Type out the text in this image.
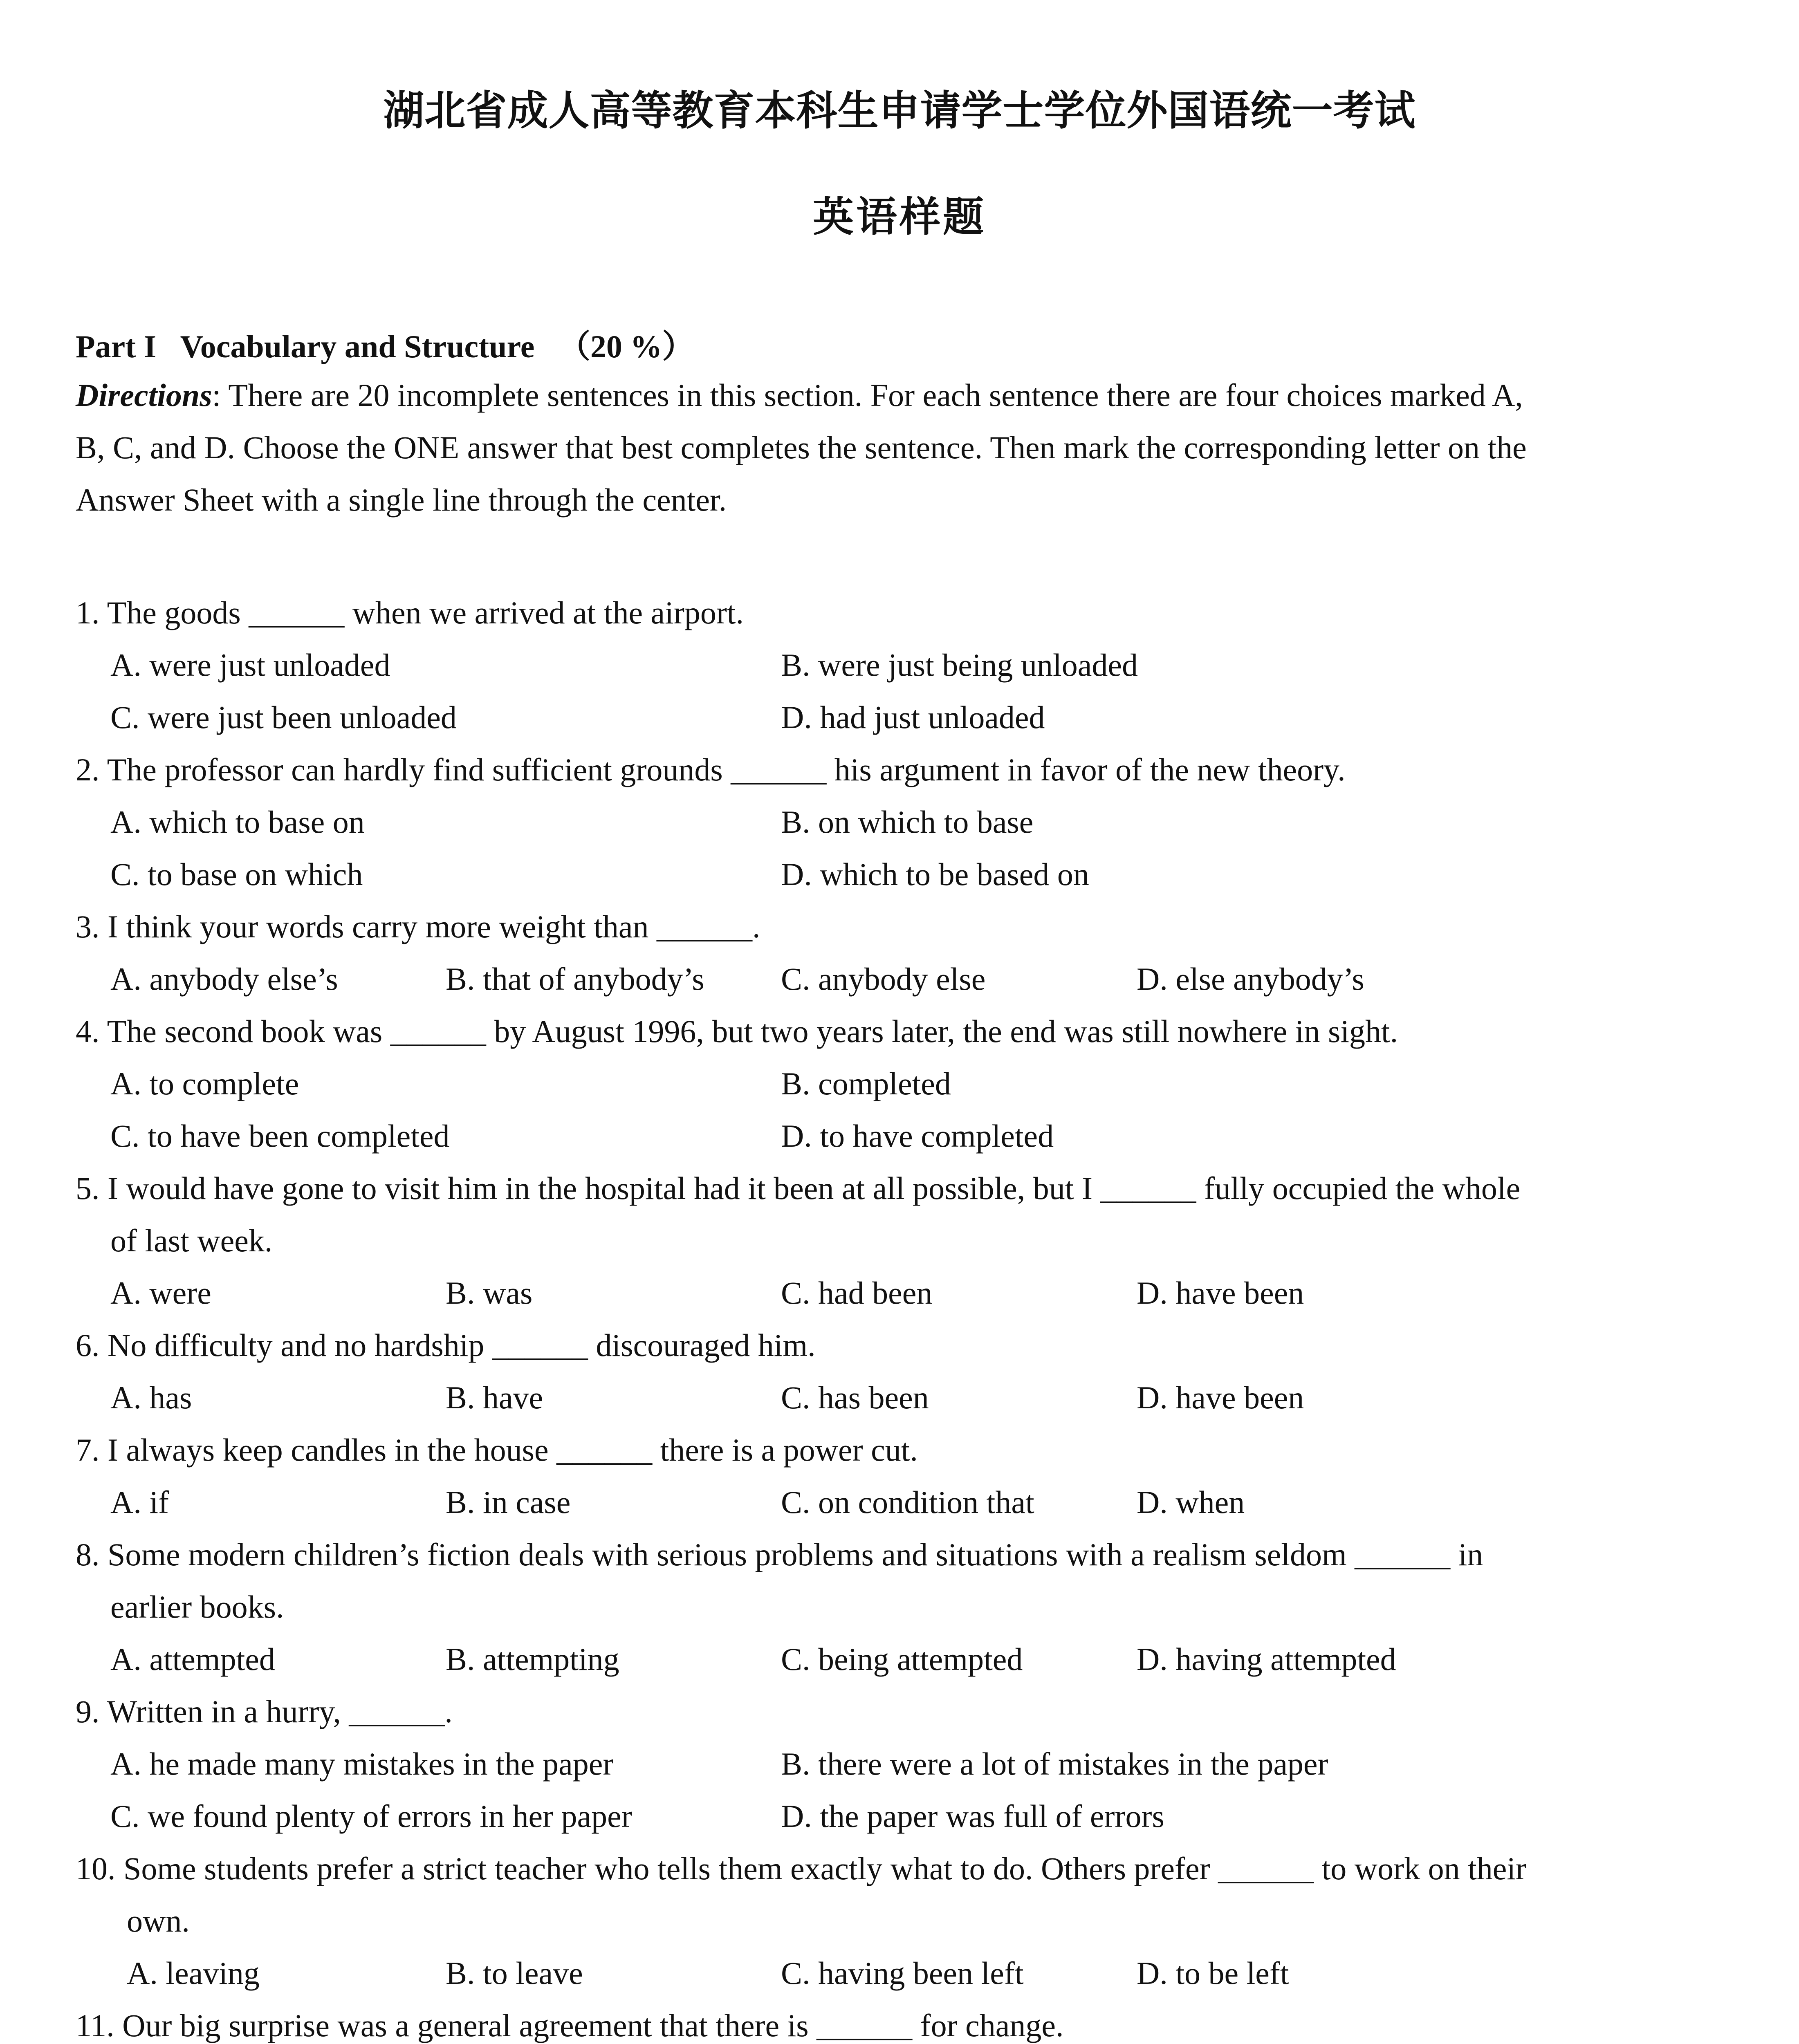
湖北省成人高等教育本科生申请学士学位外国语统一考试
英语样题
Part I   Vocabulary and Structure   （20 %）
Directions: There are 20 incomplete sentences in this section. For each sentence there are four choices marked A,
B, C, and D. Choose the ONE answer that best completes the sentence. Then mark the corresponding letter on the
Answer Sheet with a single line through the center.
1. The goods ______ when we arrived at the airport.
A. were just unloaded	B. were just being unloaded
C. were just been unloaded	D. had just unloaded
2. The professor can hardly find sufficient grounds ______ his argument in favor of the new theory.
A. which to base on	B. on which to base
C. to base on which	D. which to be based on
3. I think your words carry more weight than ______.
A. anybody else’s	B. that of anybody’s C. anybody else	D. else anybody’s
4. The second book was ______ by August 1996, but two years later, the end was still nowhere in sight.
A. to complete	B. completed
C. to have been completed	D. to have completed
5. I would have gone to visit him in the hospital had it been at all possible, but I ______ fully occupied the whole
of last week.
A. were	B. was	C. had been	D. have been
6. No difficulty and no hardship ______ discouraged him.
A. has	B. have	C. has been	D. have been
7. I always keep candles in the house ______ there is a power cut.
A. if	B. in case	C. on condition that	D. when
8. Some modern children’s fiction deals with serious problems and situations with a realism seldom ______ in
earlier books.
A. attempted	B. attempting	C. being attempted	D. having attempted
9. Written in a hurry, ______.
A. he made many mistakes in the paper	B. there were a lot of mistakes in the paper
C. we found plenty of errors in her paper	D. the paper was full of errors
10. Some students prefer a strict teacher who tells them exactly what to do. Others prefer ______ to work on their
own.
A. leaving	B. to leave	C. having been left	D. to be left
11. Our big surprise was a general agreement that there is ______ for change.
